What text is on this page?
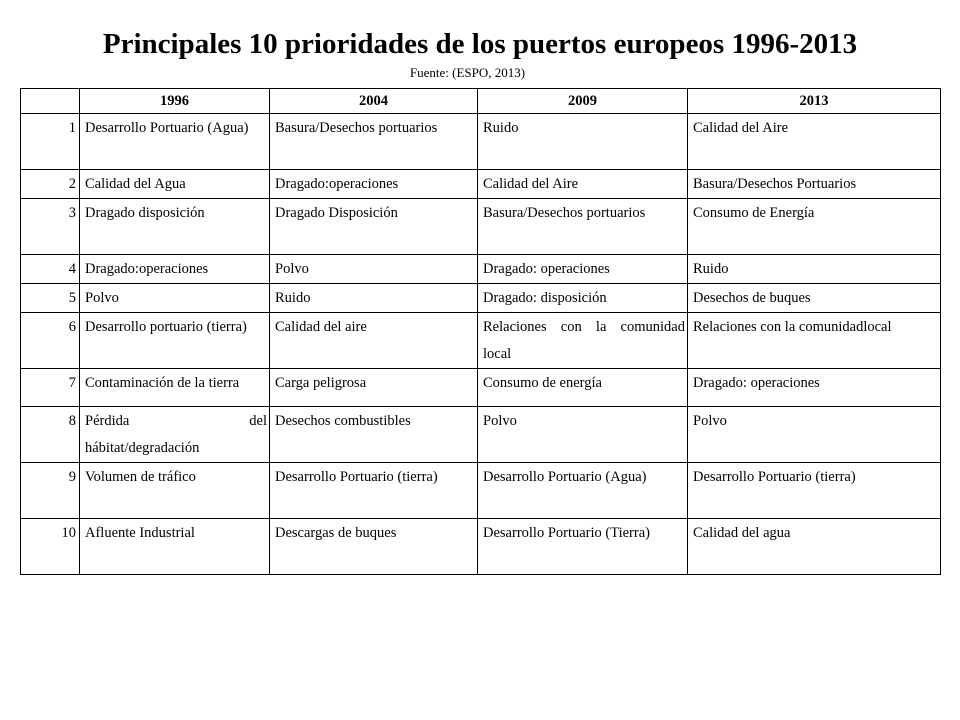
Principales 10 prioridades de los puertos europeos 1996-2013

Fuente: (ESPO, 2013)

	1996	2004	2009	2013
1	Desarrollo Portuario (Agua)	Basura/Desechos portuarios	Ruido	Calidad del Aire
2	Calidad del Agua	Dragado:operaciones	Calidad del Aire	Basura/Desechos Portuarios
3	Dragado disposición	Dragado Disposición	Basura/Desechos portuarios	Consumo de Energía
4	Dragado:operaciones	Polvo	Dragado: operaciones	Ruido
5	Polvo	Ruido	Dragado: disposición	Desechos de buques
6	Desarrollo portuario (tierra)	Calidad del aire	Relaciones con la comunidad local	Relaciones con la comunidadlocal
7	Contaminación de la tierra	Carga peligrosa	Consumo de energía	Dragado: operaciones
8	Pérdida del hábitat/degradación	Desechos combustibles	Polvo	Polvo
9	Volumen de tráfico	Desarrollo Portuario (tierra)	Desarrollo Portuario (Agua)	Desarrollo Portuario (tierra)
10	Afluente Industrial	Descargas de buques	Desarrollo Portuario (Tierra)	Calidad del agua
